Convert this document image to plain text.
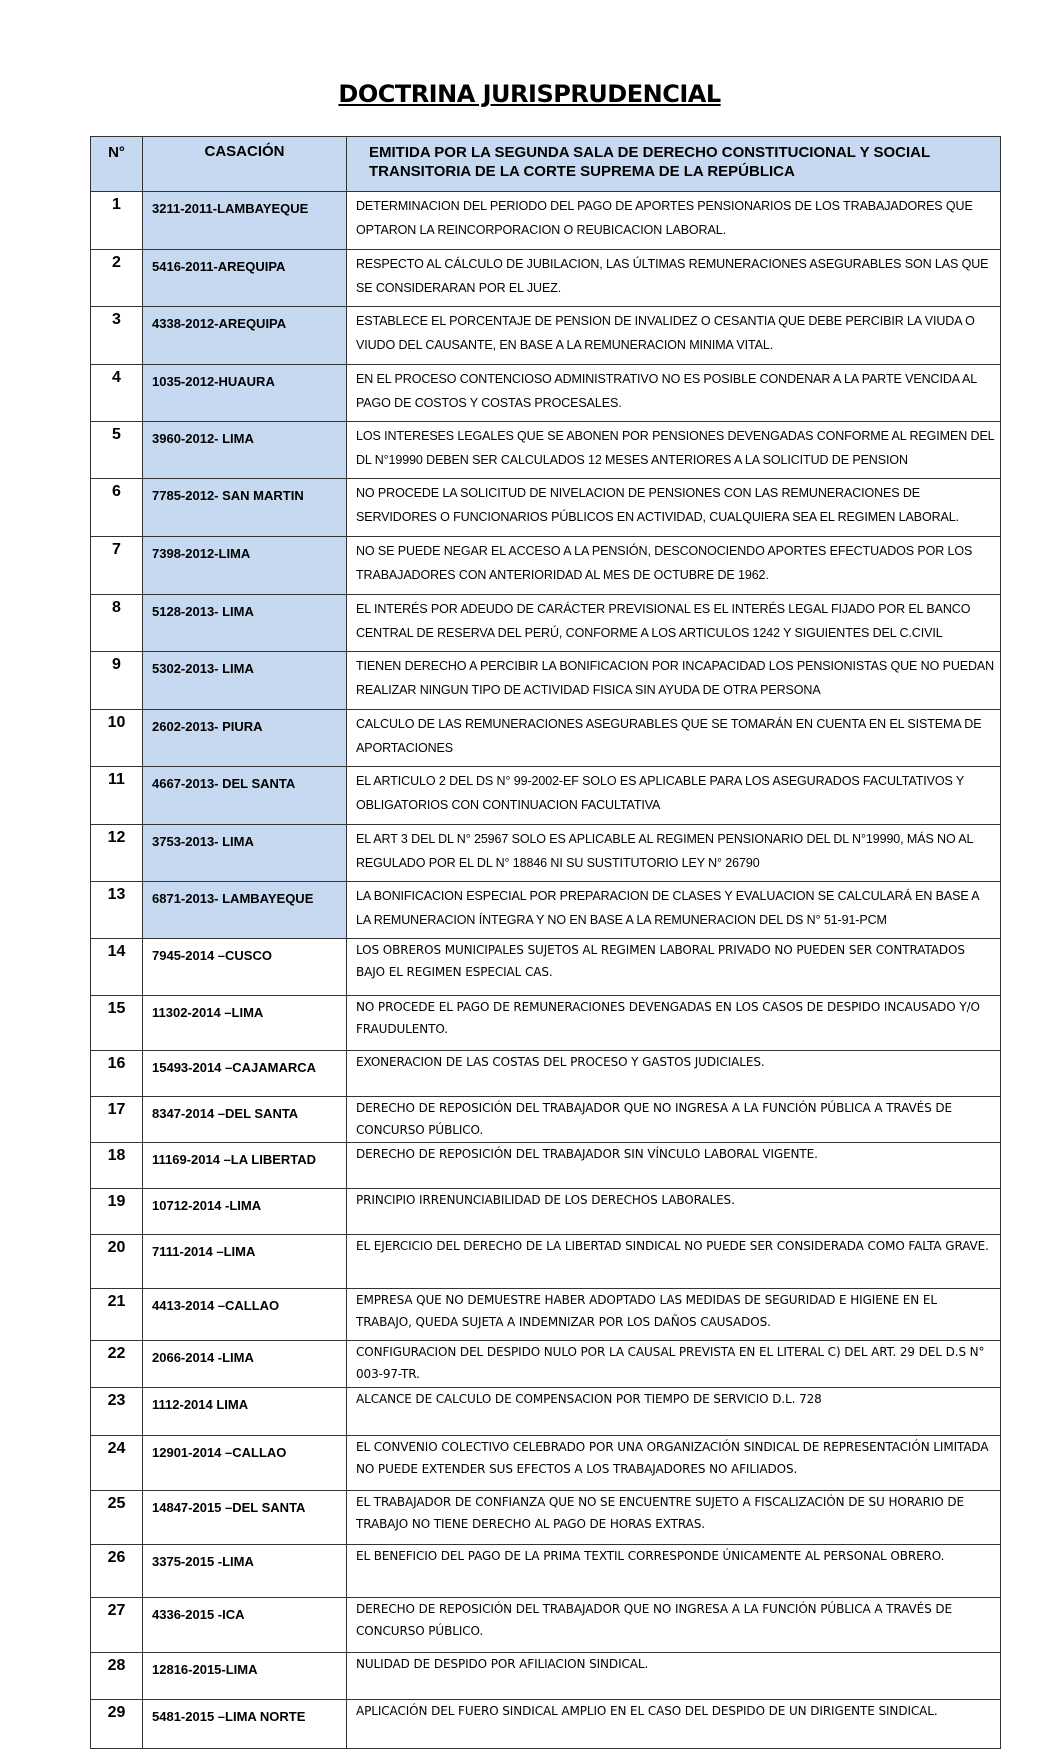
DOCTRINA JURISPRUDENCIAL
N°	CASACIÓN	EMITIDA POR LA SEGUNDA SALA DE DERECHO CONSTITUCIONAL Y SOCIAL TRANSITORIA DE LA CORTE SUPREMA DE LA REPÚBLICA
1	3211-2011-LAMBAYEQUE	DETERMINACION DEL PERIODO DEL PAGO DE APORTES PENSIONARIOS DE LOS TRABAJADORES QUE OPTARON LA REINCORPORACION O REUBICACION LABORAL.
2	5416-2011-AREQUIPA	RESPECTO AL CÁLCULO DE JUBILACION, LAS ÚLTIMAS REMUNERACIONES ASEGURABLES SON LAS QUE SE CONSIDERARAN POR EL JUEZ.
3	4338-2012-AREQUIPA	ESTABLECE EL PORCENTAJE DE PENSION DE INVALIDEZ O CESANTIA QUE DEBE PERCIBIR LA VIUDA O VIUDO DEL CAUSANTE, EN BASE A LA REMUNERACION MINIMA VITAL.
4	1035-2012-HUAURA	EN EL PROCESO CONTENCIOSO ADMINISTRATIVO NO ES POSIBLE CONDENAR A LA PARTE VENCIDA AL PAGO DE COSTOS Y COSTAS PROCESALES.
5	3960-2012- LIMA	LOS INTERESES LEGALES QUE SE ABONEN POR PENSIONES DEVENGADAS CONFORME AL REGIMEN DEL DL N°19990 DEBEN SER CALCULADOS 12 MESES ANTERIORES A LA SOLICITUD DE PENSION
6	7785-2012- SAN MARTIN	NO PROCEDE LA SOLICITUD DE NIVELACION DE PENSIONES CON LAS REMUNERACIONES DE SERVIDORES O FUNCIONARIOS PÚBLICOS EN ACTIVIDAD, CUALQUIERA SEA EL REGIMEN LABORAL.
7	7398-2012-LIMA	NO SE PUEDE NEGAR EL ACCESO A LA PENSIÓN, DESCONOCIENDO APORTES EFECTUADOS POR LOS TRABAJADORES CON ANTERIORIDAD AL MES DE OCTUBRE DE 1962.
8	5128-2013- LIMA	EL INTERÉS POR ADEUDO DE CARÁCTER PREVISIONAL ES EL INTERÉS LEGAL FIJADO POR EL BANCO CENTRAL DE RESERVA DEL PERÚ, CONFORME A LOS ARTICULOS 1242 Y SIGUIENTES DEL C.CIVIL
9	5302-2013- LIMA	TIENEN DERECHO A PERCIBIR LA BONIFICACION POR INCAPACIDAD LOS PENSIONISTAS QUE NO PUEDAN REALIZAR NINGUN TIPO DE ACTIVIDAD FISICA SIN AYUDA DE OTRA PERSONA
10	2602-2013- PIURA	CALCULO DE LAS REMUNERACIONES ASEGURABLES QUE SE TOMARÁN EN CUENTA EN EL SISTEMA DE APORTACIONES
11	4667-2013- DEL SANTA	EL ARTICULO 2 DEL DS N° 99-2002-EF SOLO ES APLICABLE PARA LOS ASEGURADOS FACULTATIVOS Y OBLIGATORIOS CON CONTINUACION FACULTATIVA
12	3753-2013- LIMA	EL ART 3 DEL DL N° 25967 SOLO ES APLICABLE AL REGIMEN PENSIONARIO DEL DL N°19990, MÁS NO AL REGULADO POR EL DL N° 18846 NI SU SUSTITUTORIO LEY N° 26790
13	6871-2013- LAMBAYEQUE	LA BONIFICACION ESPECIAL POR PREPARACION DE CLASES Y EVALUACION SE CALCULARÁ EN BASE A LA REMUNERACION ÍNTEGRA Y NO EN BASE A LA REMUNERACION DEL DS N° 51-91-PCM
14	7945-2014 –CUSCO	LOS OBREROS MUNICIPALES SUJETOS AL REGIMEN LABORAL PRIVADO NO PUEDEN SER CONTRATADOS BAJO EL REGIMEN ESPECIAL CAS.
15	11302-2014 –LIMA	NO PROCEDE EL PAGO DE REMUNERACIONES DEVENGADAS EN LOS CASOS DE DESPIDO INCAUSADO Y/O FRAUDULENTO.
16	15493-2014 –CAJAMARCA	EXONERACION DE LAS COSTAS DEL PROCESO Y GASTOS JUDICIALES.
17	8347-2014 –DEL SANTA	DERECHO DE REPOSICIÓN DEL TRABAJADOR QUE NO INGRESA A LA FUNCIÓN PÚBLICA A TRAVÉS DE CONCURSO PÚBLICO.
18	11169-2014 –LA LIBERTAD	DERECHO DE REPOSICIÓN DEL TRABAJADOR SIN VÍNCULO LABORAL VIGENTE.
19	10712-2014 -LIMA	PRINCIPIO IRRENUNCIABILIDAD DE LOS DERECHOS LABORALES.
20	7111-2014 –LIMA	EL EJERCICIO DEL DERECHO DE LA LIBERTAD SINDICAL NO PUEDE SER CONSIDERADA COMO FALTA GRAVE.
21	4413-2014 –CALLAO	EMPRESA QUE NO DEMUESTRE HABER ADOPTADO LAS MEDIDAS DE SEGURIDAD E HIGIENE EN EL TRABAJO, QUEDA SUJETA A INDEMNIZAR POR LOS DAÑOS CAUSADOS.
22	2066-2014 -LIMA	CONFIGURACION DEL DESPIDO NULO POR LA CAUSAL PREVISTA EN EL LITERAL C) DEL ART. 29 DEL D.S N° 003-97-TR.
23	1112-2014 LIMA	ALCANCE DE CALCULO DE COMPENSACION POR TIEMPO DE SERVICIO D.L. 728
24	12901-2014 –CALLAO	EL CONVENIO COLECTIVO CELEBRADO POR UNA ORGANIZACIÓN SINDICAL DE REPRESENTACIÓN LIMITADA NO PUEDE EXTENDER SUS EFECTOS A LOS TRABAJADORES NO AFILIADOS.
25	14847-2015 –DEL SANTA	EL TRABAJADOR DE CONFIANZA QUE NO SE ENCUENTRE SUJETO A FISCALIZACIÓN DE SU HORARIO DE TRABAJO NO TIENE DERECHO AL PAGO DE HORAS EXTRAS.
26	3375-2015 -LIMA	EL BENEFICIO DEL PAGO DE LA PRIMA TEXTIL CORRESPONDE ÚNICAMENTE AL PERSONAL OBRERO.
27	4336-2015 -ICA	DERECHO DE REPOSICIÓN DEL TRABAJADOR QUE NO INGRESA A LA FUNCIÓN PÚBLICA A TRAVÉS DE CONCURSO PÚBLICO.
28	12816-2015-LIMA	NULIDAD DE DESPIDO POR AFILIACION SINDICAL.
29	5481-2015 –LIMA NORTE	APLICACIÓN DEL FUERO SINDICAL AMPLIO EN EL CASO DEL DESPIDO DE UN DIRIGENTE SINDICAL.
